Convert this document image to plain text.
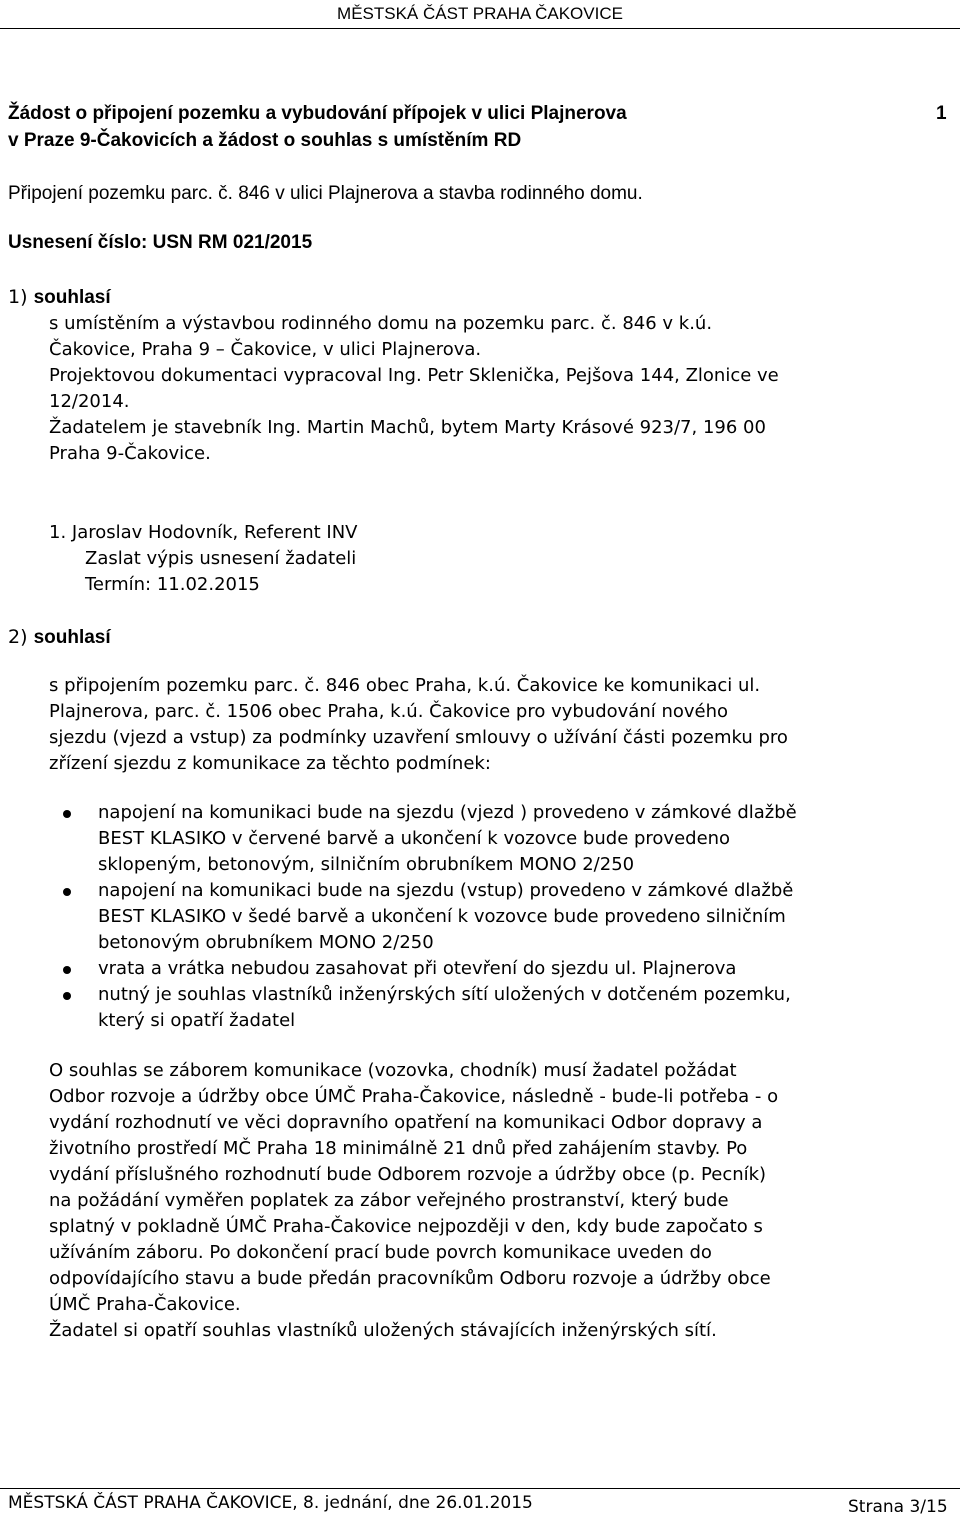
MĚSTSKÁ ČÁST PRAHA ČAKOVICE
Žádost o připojení pozemku a vybudování přípojek v ulici Plajnerova
v Praze 9-Čakovicích a žádost o souhlas s umístěním RD
1
Připojení pozemku parc. č. 846 v ulici Plajnerova a stavba rodinného domu.
Usnesení číslo: USN RM 021/2015
1) souhlasí

s umístěním a výstavbou rodinného domu na pozemku parc. č. 846 v k.ú.

Čakovice, Praha 9 – Čakovice, v ulici Plajnerova.

Projektovou dokumentaci vypracoval Ing. Petr Sklenička, Pejšova 144, Zlonice ve

12/2014.

Žadatelem je stavebník Ing. Martin Machů, bytem Marty Krásové 923/7, 196 00

Praha 9-Čakovice.

1. Jaroslav Hodovník, Referent INV
Zaslat výpis usnesení žadateli
Termín: 11.02.2015
2) souhlasí

s připojením pozemku parc. č. 846 obec Praha, k.ú. Čakovice ke komunikaci ul.

Plajnerova, parc. č. 1506 obec Praha, k.ú. Čakovice pro vybudování nového

sjezdu (vjezd a vstup) za podmínky uzavření smlouvy o užívání části pozemku pro

zřízení sjezdu z komunikace za těchto podmínek:

napojení na komunikaci bude na sjezdu (vjezd ) provedeno v zámkové dlažbě
BEST KLASIKO v červené barvě a ukončení k vozovce bude provedeno
sklopeným, betonovým, silničním obrubníkem MONO 2/250
napojení na komunikaci bude na sjezdu (vstup) provedeno v zámkové dlažbě
BEST KLASIKO v šedé barvě a ukončení k vozovce bude provedeno silničním
betonovým obrubníkem MONO 2/250
vrata a vrátka nebudou zasahovat při otevření do sjezdu ul. Plajnerova
nutný je souhlas vlastníků inženýrských sítí uložených v dotčeném pozemku,
který si opatří žadatel

O souhlas se záborem komunikace (vozovka, chodník) musí žadatel požádat

Odbor rozvoje a údržby obce ÚMČ Praha-Čakovice, následně - bude-li potřeba - o

vydání rozhodnutí ve věci dopravního opatření na komunikaci Odbor dopravy a

životního prostředí MČ Praha 18 minimálně 21 dnů před zahájením stavby. Po

vydání příslušného rozhodnutí bude Odborem rozvoje a údržby obce (p. Pecník)

na požádání vyměřen poplatek za zábor veřejného prostranství, který bude

splatný v pokladně ÚMČ Praha-Čakovice nejpozději v den, kdy bude započato s

užíváním záboru. Po dokončení prací bude povrch komunikace uveden do

odpovídajícího stavu a bude předán pracovníkům Odboru rozvoje a údržby obce

ÚMČ Praha-Čakovice.

Žadatel si opatří souhlas vlastníků uložených stávajících inženýrských sítí.

MĚSTSKÁ ČÁST PRAHA ČAKOVICE, 8. jednání, dne 26.01.2015	Strana 3/15
